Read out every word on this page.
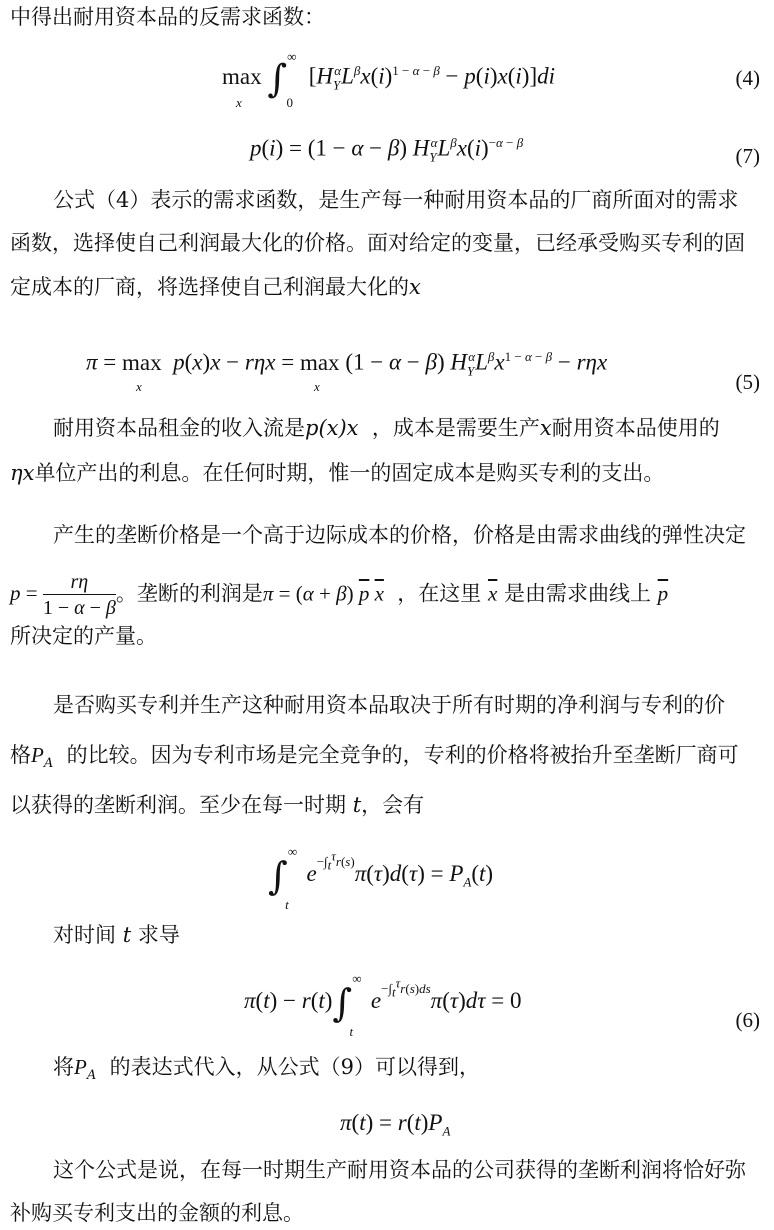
中得出耐用资本品的反需求函数：
max
x
$\int^\infty_0$ $[H_Y^\alpha L^\beta x(i)^{1 - \alpha - \beta} - p(i)x(i)]di$	(4)
p(i) = (1 − α − β) $H_Y^\alpha L^\beta x(i)^{-\alpha - \beta}$
(7)
公式（4）表示的需求函数，是生产每一种耐用资本品的厂商所面对的需求
函数，选择使自己利润最大化的价格。面对给定的变量，已经承受购买专利的固
定成本的厂商，将选择使自己利润最大化的x
π = max
x
p(x)x − rηx = max
x
(1 − α − β) $H_Y^\alpha L^\beta x^{1 - \alpha - \beta} - r\eta x$
(5)
耐用资本品租金的收入流是p(x)x ，成本是需要生产x耐用资本品使用的
ηx单位产出的利息。在任何时期，惟一的固定成本是购买专利的支出。
产生的垄断价格是一个高于边际成本的价格，价格是由需求曲线的弹性决定
$p = \frac{r\eta}{1 - \alpha - \beta}$ 。垄断的利润是π = (α + β) $\overline{p}$ $\overline{x}$ ，在这里 $\overline{x}$ 是由需求曲线上 $\overline{p}$
所决定的产量。
是否购买专利并生产这种耐用资本品取决于所有时期的净利润与专利的价
格$P_A$ 的比较。因为专利市场是完全竞争的，专利的价格将被抬升至垄断厂商可
以获得的垄断利润。至少在每一时期 t，会有
$\int^\infty_t$ $e^{-\int_t^\tau r(s)}\pi(\tau)d(\tau) = P_A(t)$
对时间 t 求导
$\pi(t) - r(t)\int^\infty_t$ $e^{-\int_t^\tau r(s)ds}\pi(\tau)d\tau = 0$
(6)
将$P_A$ 的表达式代入，从公式（9）可以得到，
$\pi(t) = r(t)P_A$
这个公式是说，在每一时期生产耐用资本品的公司获得的垄断利润将恰好弥
补购买专利支出的金额的利息。
